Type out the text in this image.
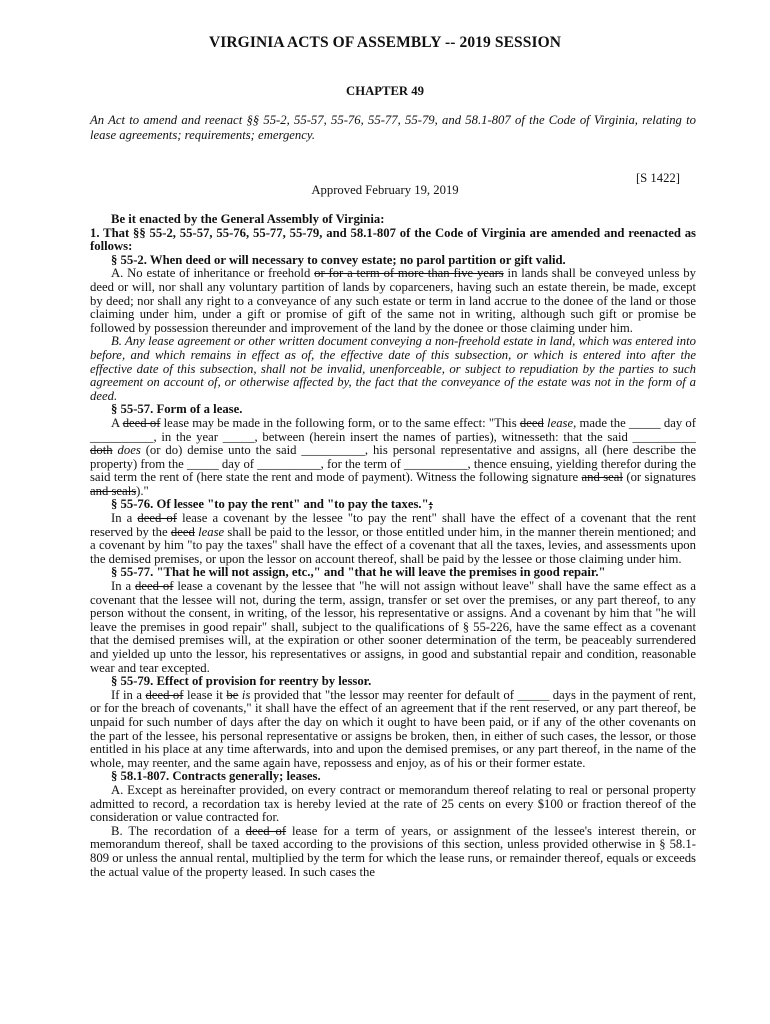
VIRGINIA ACTS OF ASSEMBLY -- 2019 SESSION
CHAPTER 49
An Act to amend and reenact §§ 55-2, 55-57, 55-76, 55-77, 55-79, and 58.1-807 of the Code of Virginia, relating to lease agreements; requirements; emergency.
[S 1422]
Approved February 19, 2019

Be it enacted by the General Assembly of Virginia:

1. That §§ 55-2, 55-57, 55-76, 55-77, 55-79, and 58.1-807 of the Code of Virginia are amended and reenacted as follows:

§ 55-2. When deed or will necessary to convey estate; no parol partition or gift valid.

A. No estate of inheritance or freehold or for a term of more than five years in lands shall be conveyed unless by deed or will, nor shall any voluntary partition of lands by coparceners, having such an estate therein, be made, except by deed; nor shall any right to a conveyance of any such estate or term in land accrue to the donee of the land or those claiming under him, under a gift or promise of gift of the same not in writing, although such gift or promise be followed by possession thereunder and improvement of the land by the donee or those claiming under him.

B. Any lease agreement or other written document conveying a non-freehold estate in land, which was entered into before, and which remains in effect as of, the effective date of this subsection, or which is entered into after the effective date of this subsection, shall not be invalid, unenforceable, or subject to repudiation by the parties to such agreement on account of, or otherwise affected by, the fact that the conveyance of the estate was not in the form of a deed.

§ 55-57. Form of a lease.

A deed of lease may be made in the following form, or to the same effect: "This deed lease, made the _____ day of __________, in the year _____, between (herein insert the names of parties), witnesseth: that the said __________ doth does (or do) demise unto the said __________, his personal representative and assigns, all (here describe the property) from the _____ day of __________, for the term of __________, thence ensuing, yielding therefor during the said term the rent of (here state the rent and mode of payment). Witness the following signature and seal (or signatures and seals)."

§ 55-76. Of lessee "to pay the rent" and "to pay the taxes.";

In a deed of lease a covenant by the lessee "to pay the rent" shall have the effect of a covenant that the rent reserved by the deed lease shall be paid to the lessor, or those entitled under him, in the manner therein mentioned; and a covenant by him "to pay the taxes" shall have the effect of a covenant that all the taxes, levies, and assessments upon the demised premises, or upon the lessor on account thereof, shall be paid by the lessee or those claiming under him.

§ 55-77. "That he will not assign, etc.," and "that he will leave the premises in good repair."

In a deed of lease a covenant by the lessee that "he will not assign without leave" shall have the same effect as a covenant that the lessee will not, during the term, assign, transfer or set over the premises, or any part thereof, to any person without the consent, in writing, of the lessor, his representative or assigns. And a covenant by him that "he will leave the premises in good repair" shall, subject to the qualifications of § 55-226, have the same effect as a covenant that the demised premises will, at the expiration or other sooner determination of the term, be peaceably surrendered and yielded up unto the lessor, his representatives or assigns, in good and substantial repair and condition, reasonable wear and tear excepted.

§ 55-79. Effect of provision for reentry by lessor.

If in a deed of lease it be is provided that "the lessor may reenter for default of _____ days in the payment of rent, or for the breach of covenants," it shall have the effect of an agreement that if the rent reserved, or any part thereof, be unpaid for such number of days after the day on which it ought to have been paid, or if any of the other covenants on the part of the lessee, his personal representative or assigns be broken, then, in either of such cases, the lessor, or those entitled in his place at any time afterwards, into and upon the demised premises, or any part thereof, in the name of the whole, may reenter, and the same again have, repossess and enjoy, as of his or their former estate.

§ 58.1-807. Contracts generally; leases.

A. Except as hereinafter provided, on every contract or memorandum thereof relating to real or personal property admitted to record, a recordation tax is hereby levied at the rate of 25 cents on every $100 or fraction thereof of the consideration or value contracted for.

B. The recordation of a deed of lease for a term of years, or assignment of the lessee's interest therein, or memorandum thereof, shall be taxed according to the provisions of this section, unless provided otherwise in § 58.1-809 or unless the annual rental, multiplied by the term for which the lease runs, or remainder thereof, equals or exceeds the actual value of the property leased. In such cases the
